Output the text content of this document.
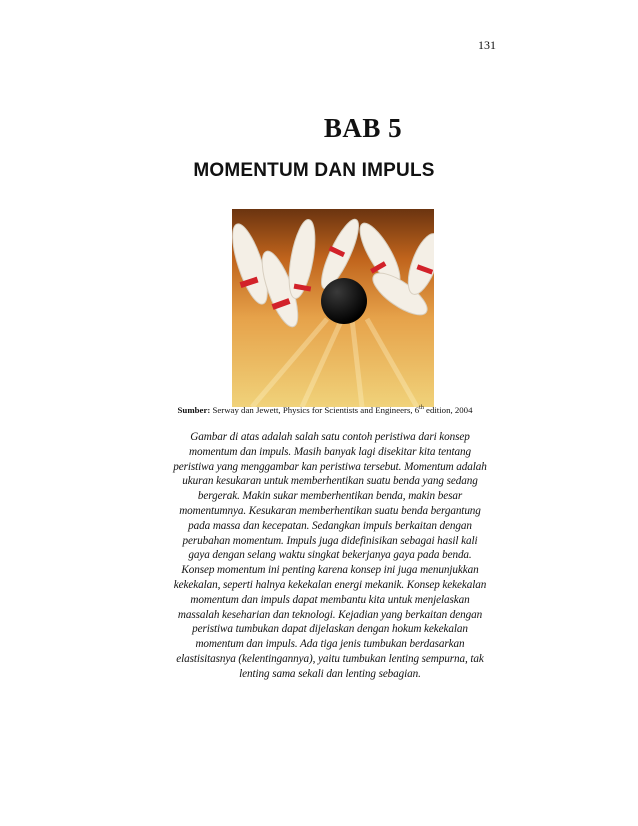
131
BAB 5
MOMENTUM DAN IMPULS
Sumber: Serway dan Jewett, Physics for Scientists and Engineers, 6th edition, 2004
Gambar di atas adalah salah satu contoh peristiwa dari konsep
momentum dan impuls. Masih banyak lagi disekitar kita tentang
peristiwa yang menggambar kan peristiwa tersebut. Momentum adalah
ukuran kesukaran untuk memberhentikan suatu benda yang sedang
bergerak. Makin sukar memberhentikan benda, makin besar
momentumnya. Kesukaran memberhentikan suatu benda bergantung
pada massa dan kecepatan. Sedangkan impuls berkaitan dengan
perubahan momentum. Impuls juga didefinisikan sebagai hasil kali
gaya dengan selang waktu singkat bekerjanya gaya pada benda.
Konsep momentum ini penting karena konsep ini juga menunjukkan
kekekalan, seperti halnya kekekalan energi mekanik. Konsep kekekalan
momentum dan impuls dapat membantu kita untuk menjelaskan
massalah keseharian dan teknologi. Kejadian yang berkaitan dengan
peristiwa tumbukan dapat dijelaskan dengan hokum kekekalan
momentum dan impuls. Ada tiga jenis tumbukan berdasarkan
elastisitasnya (kelentingannya), yaitu tumbukan lenting sempurna, tak
lenting sama sekali dan lenting sebagian.
